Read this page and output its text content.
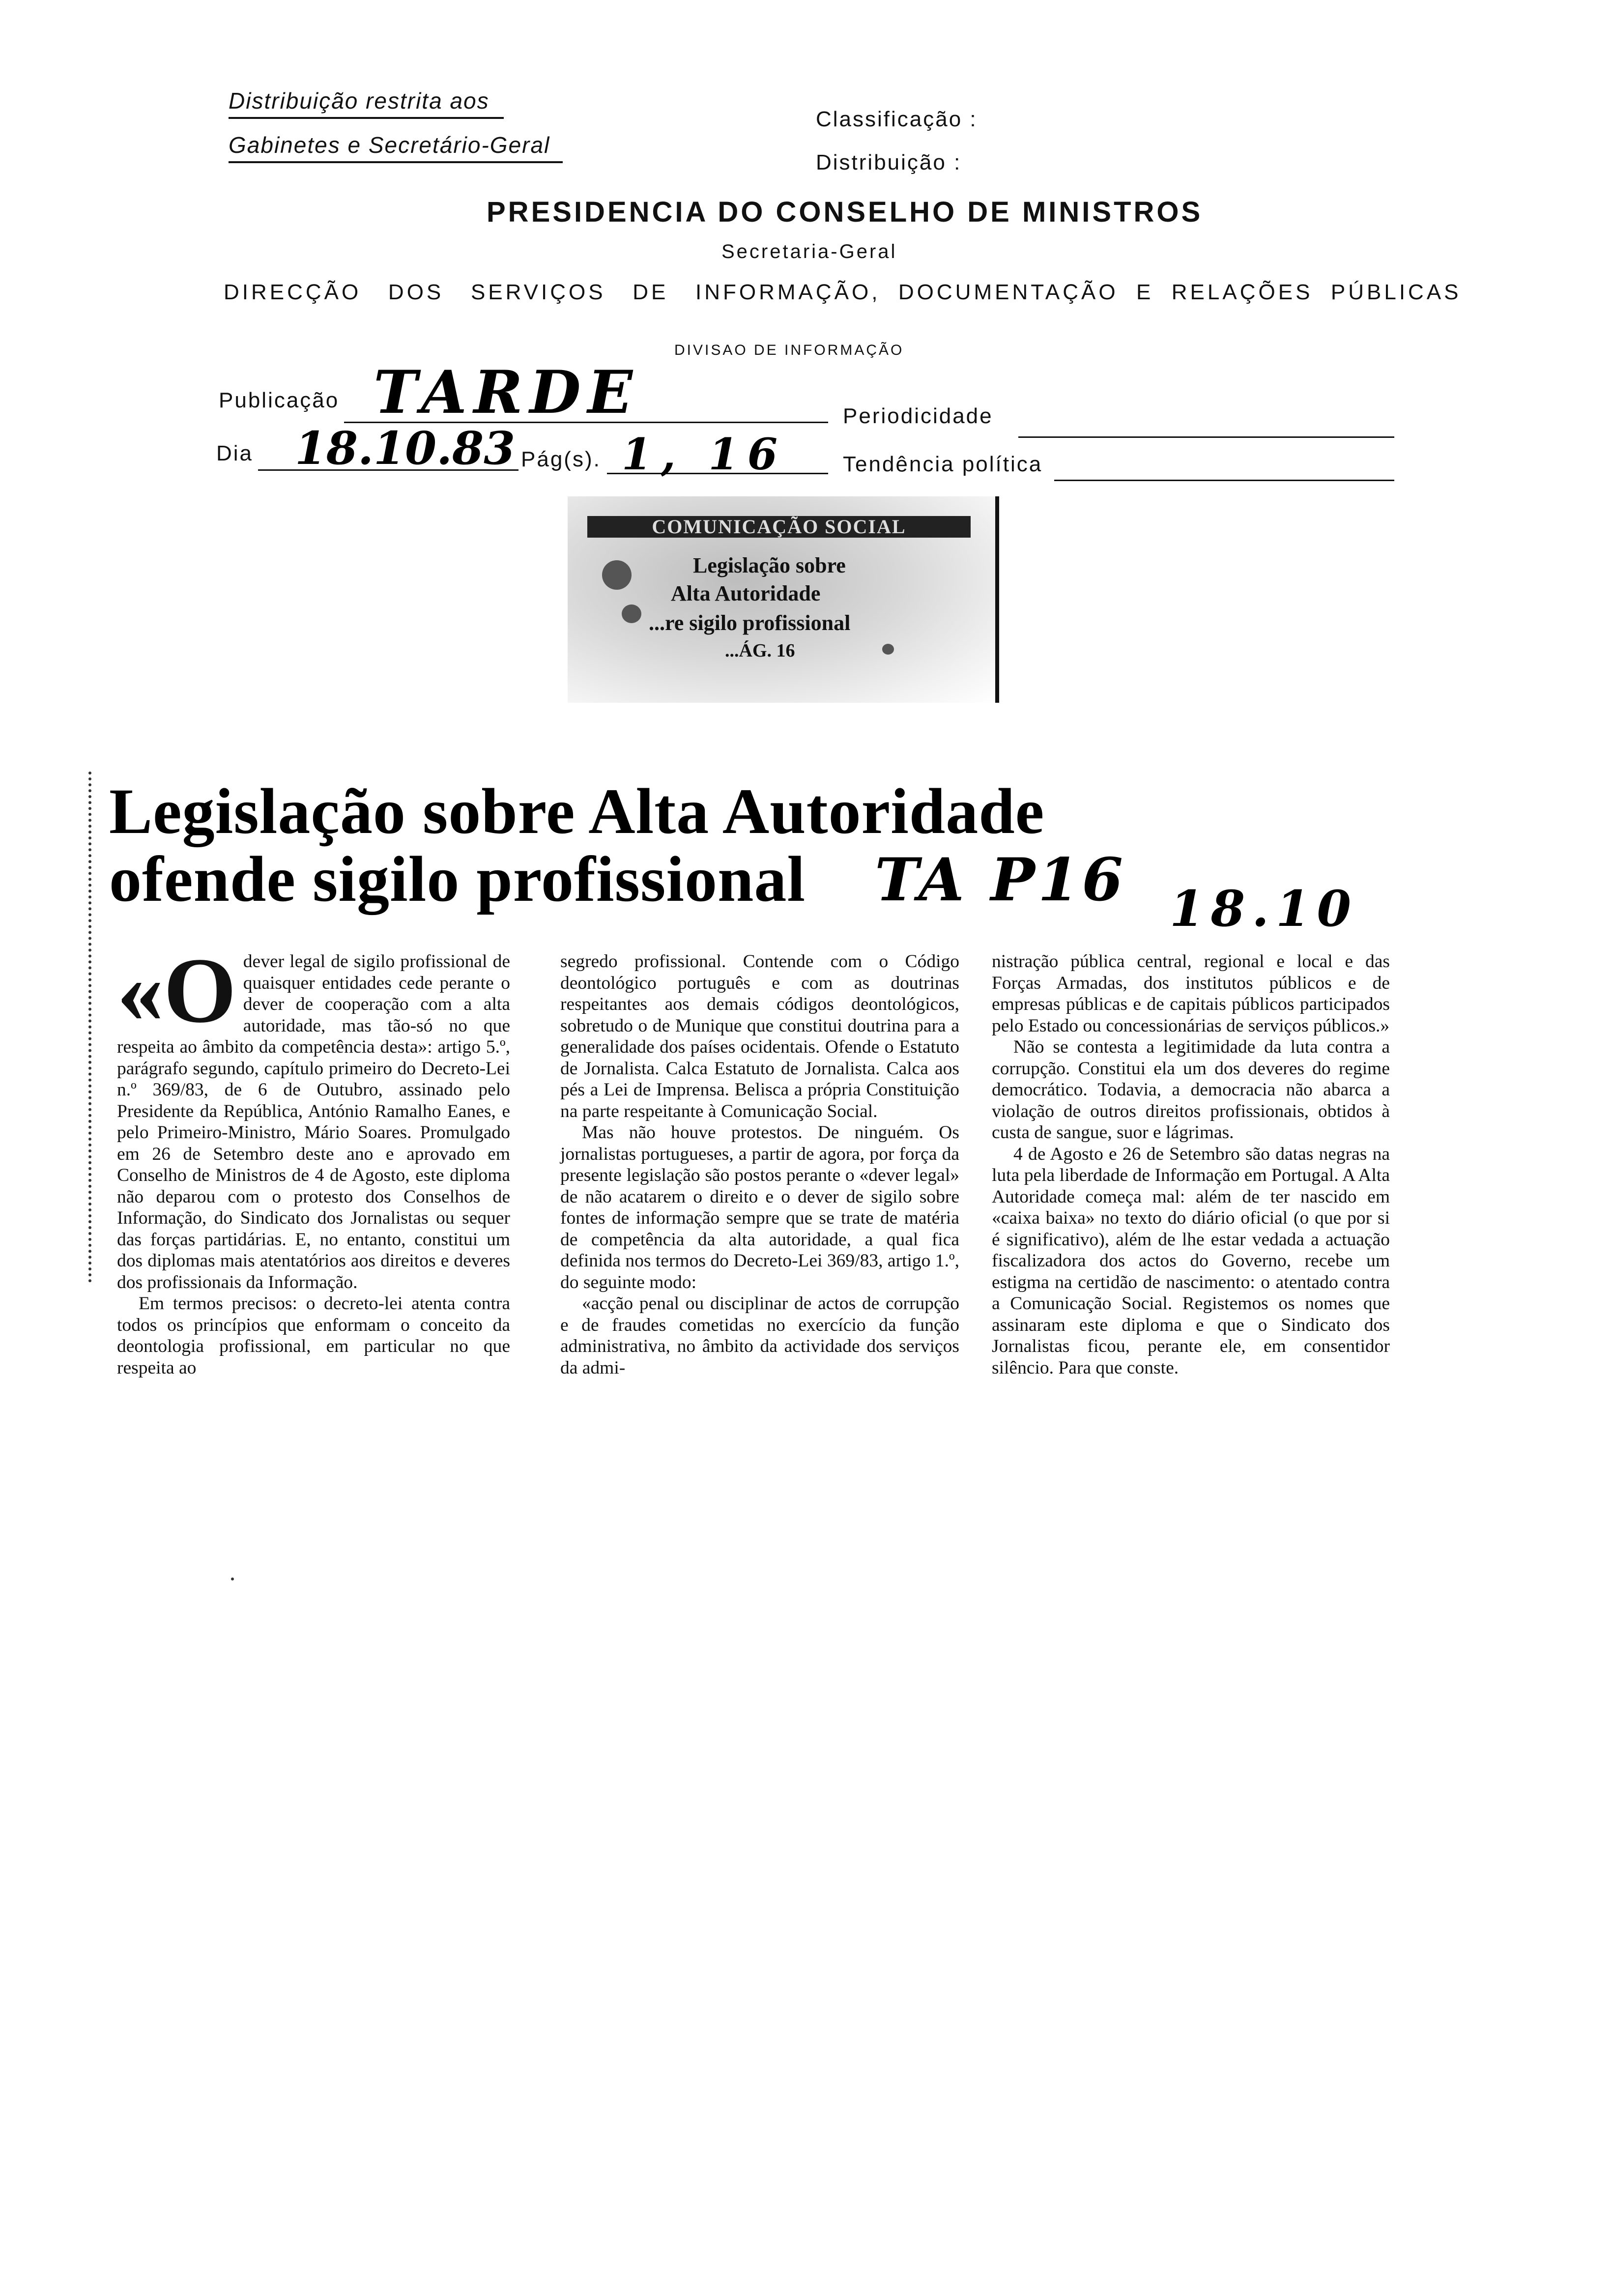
Distribuição restrita aos
Gabinetes e Secretário-Geral
Classificação :
Distribuição :
PRESIDENCIA DO CONSELHO DE MINISTROS
Secretaria-Geral
DIRECÇÃO   DOS   SERVIÇOS   DE   INFORMAÇÃO,  DOCUMENTAÇÃO  E  RELAÇÕES  PÚBLICAS
DIVISAO DE INFORMAÇÃO
Publicação TARDE	Periodicidade
Dia 18.10.83 Pág(s). 1, 16	Tendência política
COMUNICAÇÃO SOCIAL
Legislação sobre
Alta Autoridade
...re sigilo profissional
...ÁG. 16
Legislação sobre Alta Autoridade
ofende sigilo profissional TA P16 18.10

«O dever legal de sigilo profissional de quaisquer entidades cede perante o dever de cooperação com a alta autoridade, mas tão-só no que respeita ao âmbito da competência desta»: artigo 5.º, parágrafo segundo, capítulo primeiro do Decreto-Lei n.º 369/83, de 6 de Outubro, assinado pelo Presidente da República, António Ramalho Eanes, e pelo Primeiro-Ministro, Mário Soares. Promulgado em 26 de Setembro deste ano e aprovado em Conselho de Ministros de 4 de Agosto, este diploma não deparou com o protesto dos Conselhos de Informação, do Sindicato dos Jornalistas ou sequer das forças partidárias. E, no entanto, constitui um dos diplomas mais atentatórios aos direitos e deveres dos profissionais da Informação.

Em termos precisos: o decreto-lei atenta contra todos os princípios que enformam o conceito da deontologia profissional, em particular no que respeita ao

segredo profissional. Contende com o Código deontológico português e com as doutrinas respeitantes aos demais códigos deontológicos, sobretudo o de Munique que constitui doutrina para a generalidade dos países ocidentais. Ofende o Estatuto de Jornalista. Calca Estatuto de Jornalista. Calca aos pés a Lei de Imprensa. Belisca a própria Constituição na parte respeitante à Comunicação Social.

Mas não houve protestos. De ninguém. Os jornalistas portugueses, a partir de agora, por força da presente legislação são postos perante o «dever legal» de não acatarem o direito e o dever de sigilo sobre fontes de informação sempre que se trate de matéria de competência da alta autoridade, a qual fica definida nos termos do Decreto-Lei 369/83, artigo 1.º, do seguinte modo:

«acção penal ou disciplinar de actos de corrupção e de fraudes cometidas no exercício da função administrativa, no âmbito da actividade dos serviços da admi-

nistração pública central, regional e local e das Forças Armadas, dos institutos públicos e de empresas públicas e de capitais públicos participados pelo Estado ou concessionárias de serviços públicos.»

Não se contesta a legitimidade da luta contra a corrupção. Constitui ela um dos deveres do regime democrático. Todavia, a democracia não abarca a violação de outros direitos profissionais, obtidos à custa de sangue, suor e lágrimas.

4 de Agosto e 26 de Setembro são datas negras na luta pela liberdade de Informação em Portugal. A Alta Autoridade começa mal: além de ter nascido em «caixa baixa» no texto do diário oficial (o que por si é significativo), além de lhe estar vedada a actuação fiscalizadora dos actos do Governo, recebe um estigma na certidão de nascimento: o atentado contra a Comunicação Social. Registemos os nomes que assinaram este diploma e que o Sindicato dos Jornalistas ficou, perante ele, em consentidor silêncio. Para que conste.
